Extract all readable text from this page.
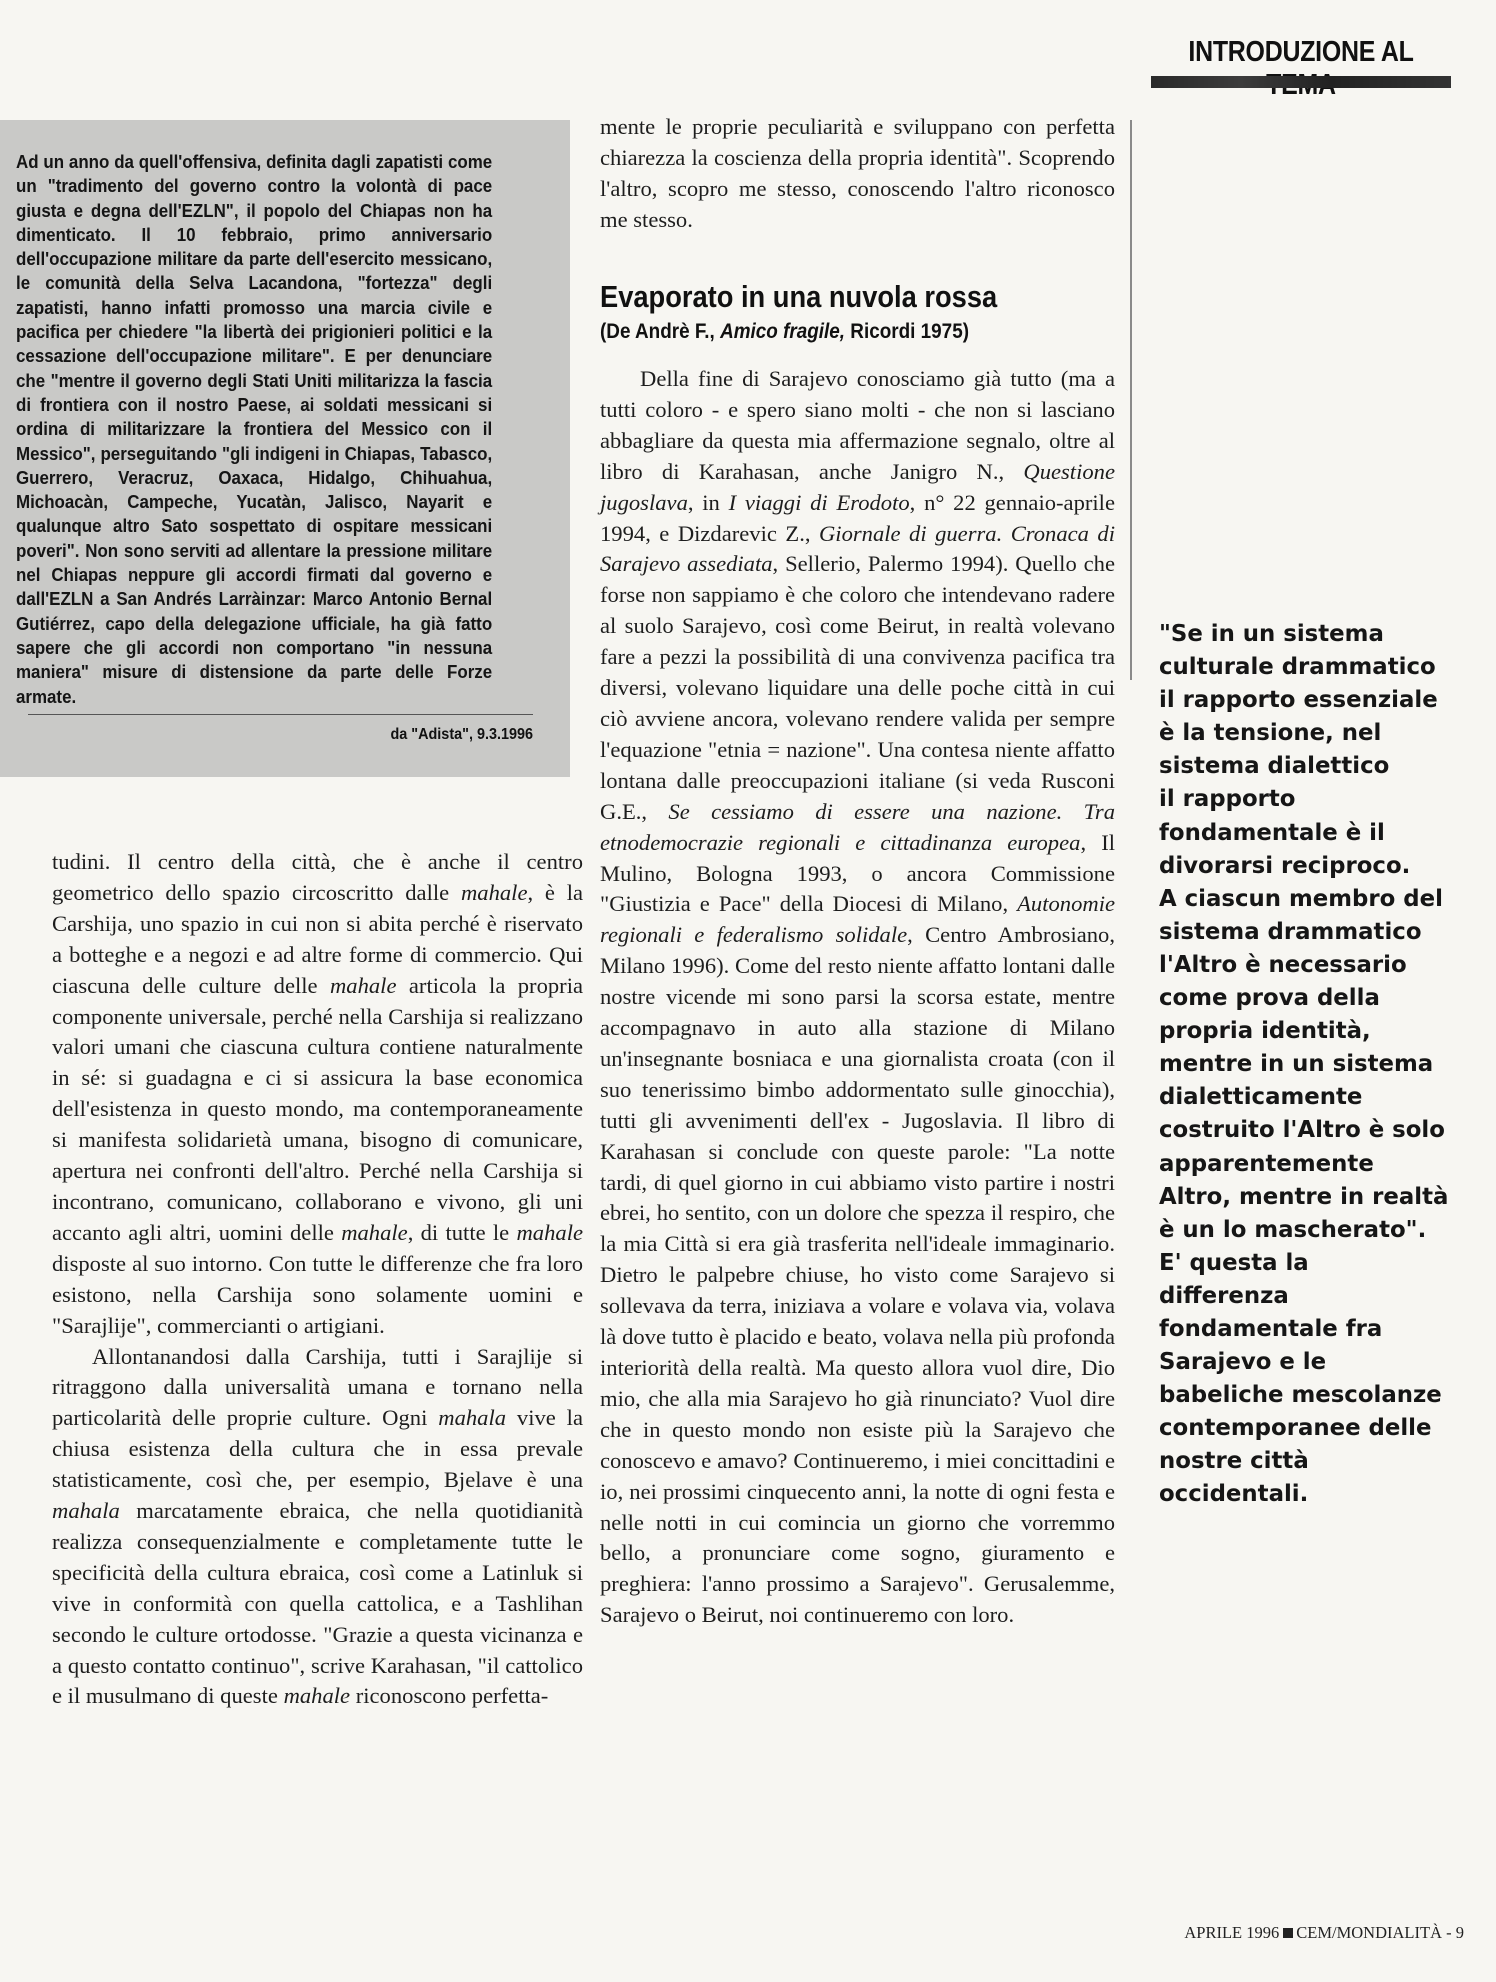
INTRODUZIONE AL

Ad un anno da quell'offensiva, definita dagli zapatisti come un "tradimento del governo contro la volontà di pace giusta e degna dell'EZLN", il popolo del Chiapas non ha dimenticato. Il 10 febbraio, primo anniversario dell'occupazione militare da parte dell'esercito messicano, le comunità della Selva Lacandona, "fortezza" degli zapatisti, hanno infatti promosso una marcia civile e pacifica per chiedere "la libertà dei prigionieri politici e la cessazione dell'occupazione militare". E per denunciare che "mentre il governo degli Stati Uniti militarizza la fascia di frontiera con il nostro Paese, ai soldati messicani si ordina di militarizzare la frontiera del Messico con il Messico", perseguitando "gli indigeni in Chiapas, Tabasco, Guerrero, Veracruz, Oaxaca, Hidalgo, Chihuahua, Michoacàn, Campeche, Yucatàn, Jalisco, Nayarit e qualunque altro Sato sospettato di ospitare messicani poveri". Non sono serviti ad allentare la pressione militare nel Chiapas neppure gli accordi firmati dal governo e dall'EZLN a San Andrés Larràinzar: Marco Antonio Bernal Gutiérrez, capo della delegazione ufficiale, ha già fatto sapere che gli accordi non comportano "in nessuna maniera" misure di distensione da parte delle Forze armate.

da "Adista", 9.3.1996

tudini. Il centro della città, che è anche il centro geometrico dello spazio circoscritto dalle mahale, è la Carshija, uno spazio in cui non si abita perché è riservato a botteghe e a negozi e ad altre forme di commercio. Qui ciascuna delle culture delle mahale articola la propria componente universale, perché nella Carshija si realizzano valori umani che ciascuna cultura contiene naturalmente in sé: si guadagna e ci si assicura la base economica dell'esistenza in questo mondo, ma contemporaneamente si manifesta solidarietà umana, bisogno di comunicare, apertura nei confronti dell'altro. Perché nella Carshija si incontrano, comunicano, collaborano e vivono, gli uni accanto agli altri, uomini delle mahale, di tutte le mahale disposte al suo intorno. Con tutte le differenze che fra loro esistono, nella Carshija sono solamente uomini e "Sarajlije", commercianti o artigiani.

Allontanandosi dalla Carshija, tutti i Sarajlije si ritraggono dalla universalità umana e tornano nella particolarità delle proprie culture. Ogni mahala vive la chiusa esistenza della cultura che in essa prevale statisticamente, così che, per esempio, Bjelave è una mahala marcatamente ebraica, che nella quotidianità realizza consequenzialmente e completamente tutte le specificità della cultura ebraica, così come a Latinluk si vive in conformità con quella cattolica, e a Tashlihan secondo le culture ortodosse. "Grazie a questa vicinanza e a questo contatto continuo", scrive Karahasan, "il cattolico e il musulmano di queste mahale riconoscono perfetta-

mente le proprie peculiarità e sviluppano con perfetta chiarezza la coscienza della propria identità". Scoprendo l'altro, scopro me stesso, conoscendo l'altro riconosco me stesso.

Evaporato in una nuvola rossa
(De Andrè F., Amico fragile, Ricordi 1975)

Della fine di Sarajevo conosciamo già tutto (ma a tutti coloro - e spero siano molti - che non si lasciano abbagliare da questa mia affermazione segnalo, oltre al libro di Karahasan, anche Janigro N., Questione jugoslava, in I viaggi di Erodoto, n° 22 gennaio-aprile 1994, e Dizdarevic Z., Giornale di guerra. Cronaca di Sarajevo assediata, Sellerio, Palermo 1994). Quello che forse non sappiamo è che coloro che intendevano radere al suolo Sarajevo, così come Beirut, in realtà volevano fare a pezzi la possibilità di una convivenza pacifica tra diversi, volevano liquidare una delle poche città in cui ciò avviene ancora, volevano rendere valida per sempre l'equazione "etnia = nazione". Una contesa niente affatto lontana dalle preoccupazioni italiane (si veda Rusconi G.E., Se cessiamo di essere una nazione. Tra etnodemocrazie regionali e cittadinanza europea, Il Mulino, Bologna 1993, o ancora Commissione "Giustizia e Pace" della Diocesi di Milano, Autonomie regionali e federalismo solidale, Centro Ambrosiano, Milano 1996). Come del resto niente affatto lontani dalle nostre vicende mi sono parsi la scorsa estate, mentre accompagnavo in auto alla stazione di Milano un'insegnante bosniaca e una giornalista croata (con il suo tenerissimo bimbo addormentato sulle ginocchia), tutti gli avvenimenti dell'ex - Jugoslavia. Il libro di Karahasan si conclude con queste parole: "La notte tardi, di quel giorno in cui abbiamo visto partire i nostri ebrei, ho sentito, con un dolore che spezza il respiro, che la mia Città si era già trasferita nell'ideale immaginario. Dietro le palpebre chiuse, ho visto come Sarajevo si sollevava da terra, iniziava a volare e volava via, volava là dove tutto è placido e beato, volava nella più profonda interiorità della realtà. Ma questo allora vuol dire, Dio mio, che alla mia Sarajevo ho già rinunciato? Vuol dire che in questo mondo non esiste più la Sarajevo che conoscevo e amavo? Continueremo, i miei concittadini e io, nei prossimi cinquecento anni, la notte di ogni festa e nelle notti in cui comincia un giorno che vorremmo bello, a pronunciare come sogno, giuramento e preghiera: l'anno prossimo a Sarajevo". Gerusalemme, Sarajevo o Beirut, noi continueremo con loro.

"Se in un sistema
culturale drammatico
il rapporto essenziale
è la tensione, nel
sistema dialettico
il rapporto
fondamentale è il
divorarsi reciproco.
A ciascun membro del
sistema drammatico
l'Altro è necessario
come prova della
propria identità,
mentre in un sistema
dialetticamente
costruito l'Altro è solo
apparentemente
Altro, mentre in realtà
è un lo mascherato".
E' questa la
differenza
fondamentale fra
Sarajevo e le
babeliche mescolanze
contemporanee delle
nostre città
occidentali.
APRILE 1996 CEM/MONDIALITÀ - 9
